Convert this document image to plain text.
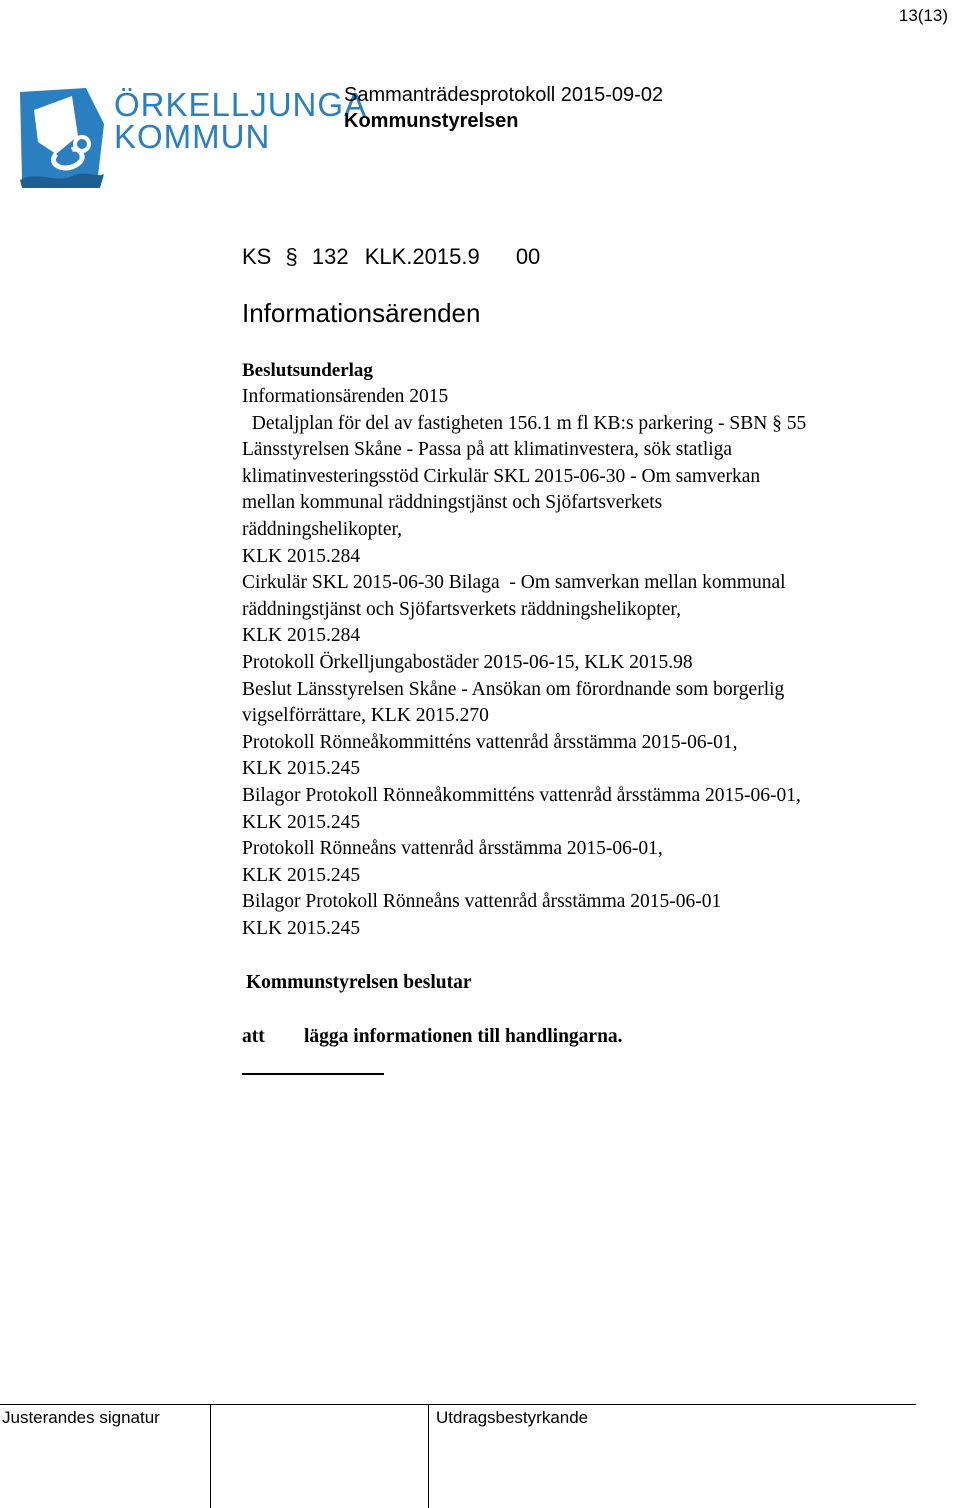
13(13)
ÖRKELLJUNGA
KOMMUN
Sammanträdesprotokoll 2015-09-02
Kommunstyrelsen
KS § 132 KLK.2015.9 00
Informationsärenden
Beslutsunderlag
Informationsärenden 2015
Detaljplan för del av fastigheten 156.1 m fl KB:s parkering - SBN § 55
Länsstyrelsen Skåne - Passa på att klimatinvestera, sök statliga
klimatinvesteringsstöd Cirkulär SKL 2015-06-30 - Om samverkan
mellan kommunal räddningstjänst och Sjöfartsverkets
räddningshelikopter,
KLK 2015.284
Cirkulär SKL 2015-06-30 Bilaga  - Om samverkan mellan kommunal
räddningstjänst och Sjöfartsverkets räddningshelikopter,
KLK 2015.284
Protokoll Örkelljungabostäder 2015-06-15, KLK 2015.98
Beslut Länsstyrelsen Skåne - Ansökan om förordnande som borgerlig
vigselförrättare, KLK 2015.270
Protokoll Rönneåkommitténs vattenråd årsstämma 2015-06-01,
KLK 2015.245
Bilagor Protokoll Rönneåkommitténs vattenråd årsstämma 2015-06-01,
KLK 2015.245
Protokoll Rönneåns vattenråd årsstämma 2015-06-01,
KLK 2015.245
Bilagor Protokoll Rönneåns vattenråd årsstämma 2015-06-01
KLK 2015.245
Kommunstyrelsen beslutar
att lägga informationen till handlingarna.
Justerandes signatur	Utdragsbestyrkande
